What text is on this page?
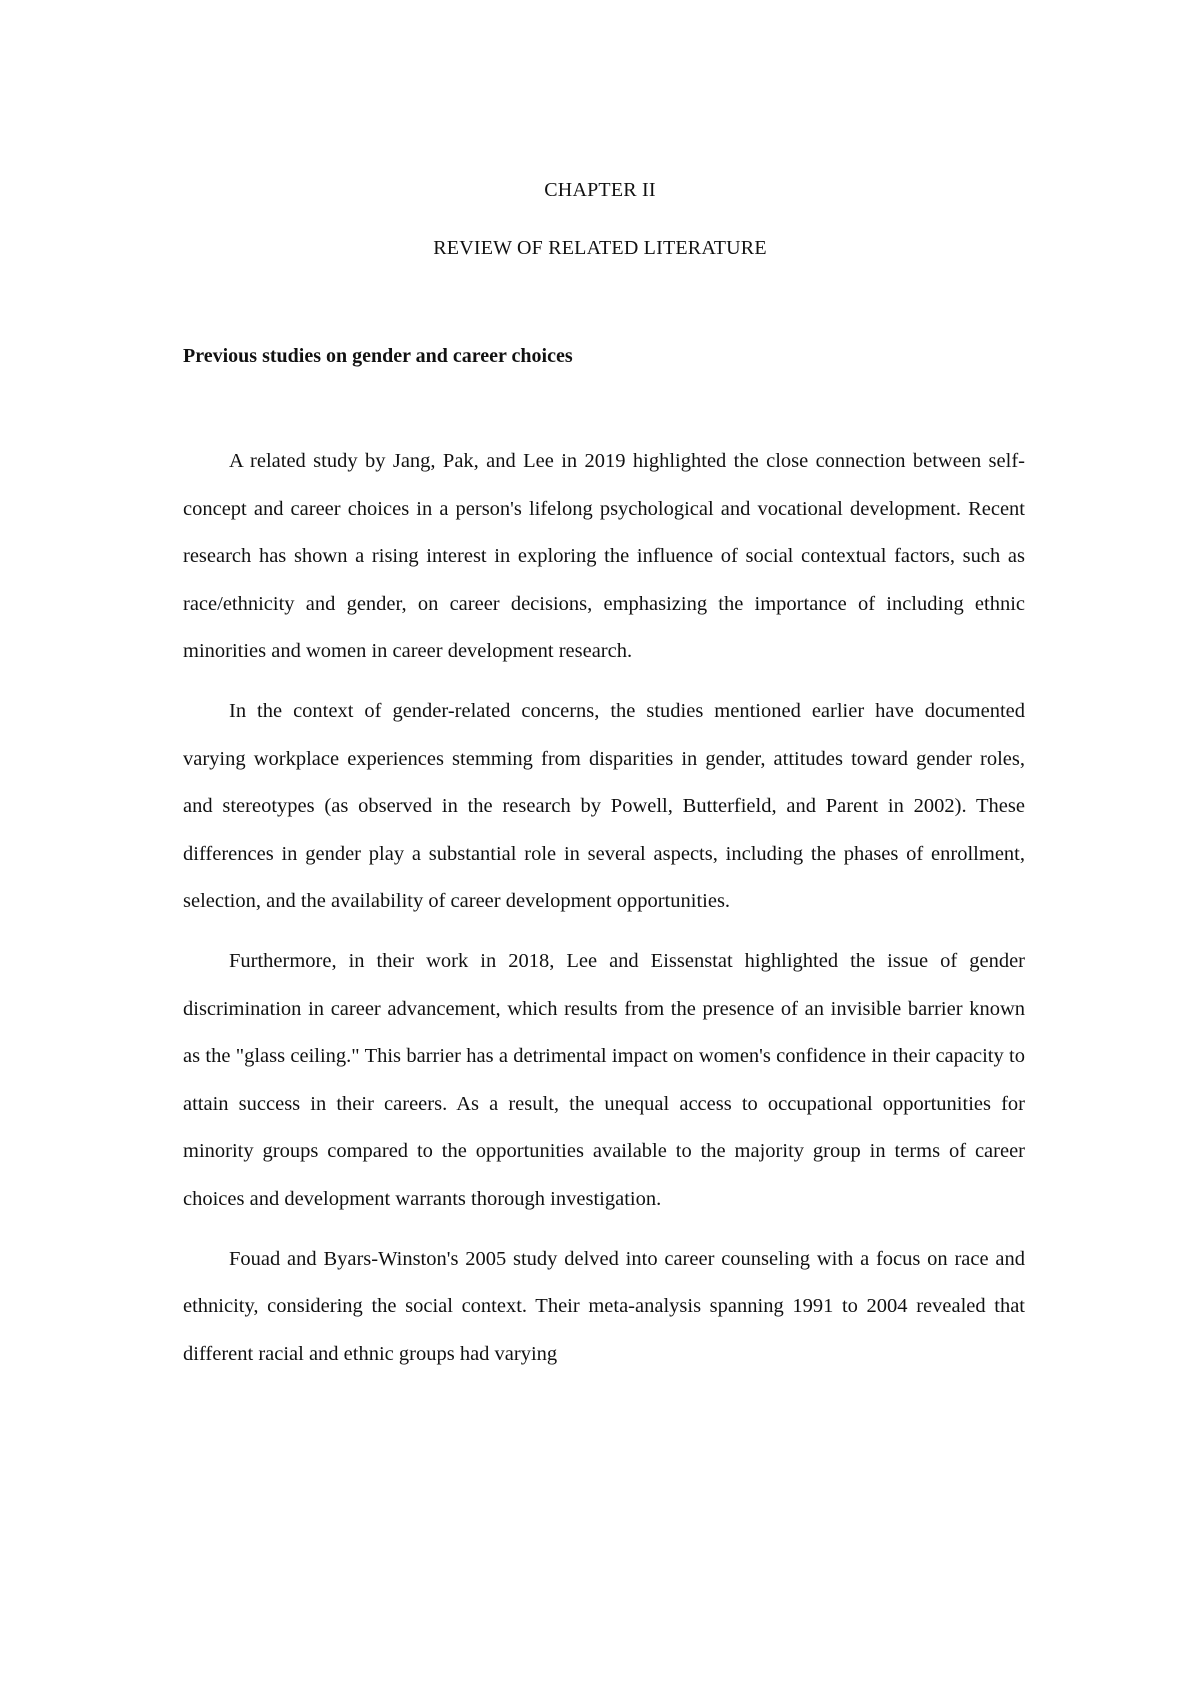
CHAPTER II
REVIEW OF RELATED LITERATURE
Previous studies on gender and career choices

A related study by Jang, Pak, and Lee in 2019 highlighted the close connection between self-concept and career choices in a person's lifelong psychological and vocational development. Recent research has shown a rising interest in exploring the influence of social contextual factors, such as race/ethnicity and gender, on career decisions, emphasizing the importance of including ethnic minorities and women in career development research.

In the context of gender-related concerns, the studies mentioned earlier have documented varying workplace experiences stemming from disparities in gender, attitudes toward gender roles, and stereotypes (as observed in the research by Powell, Butterfield, and Parent in 2002). These differences in gender play a substantial role in several aspects, including the phases of enrollment, selection, and the availability of career development opportunities.

Furthermore, in their work in 2018, Lee and Eissenstat highlighted the issue of gender discrimination in career advancement, which results from the presence of an invisible barrier known as the "glass ceiling." This barrier has a detrimental impact on women's confidence in their capacity to attain success in their careers. As a result, the unequal access to occupational opportunities for minority groups compared to the opportunities available to the majority group in terms of career choices and development warrants thorough investigation.

Fouad and Byars-Winston's 2005 study delved into career counseling with a focus on race and ethnicity, considering the social context. Their meta-analysis spanning 1991 to 2004 revealed that different racial and ethnic groups had varying
